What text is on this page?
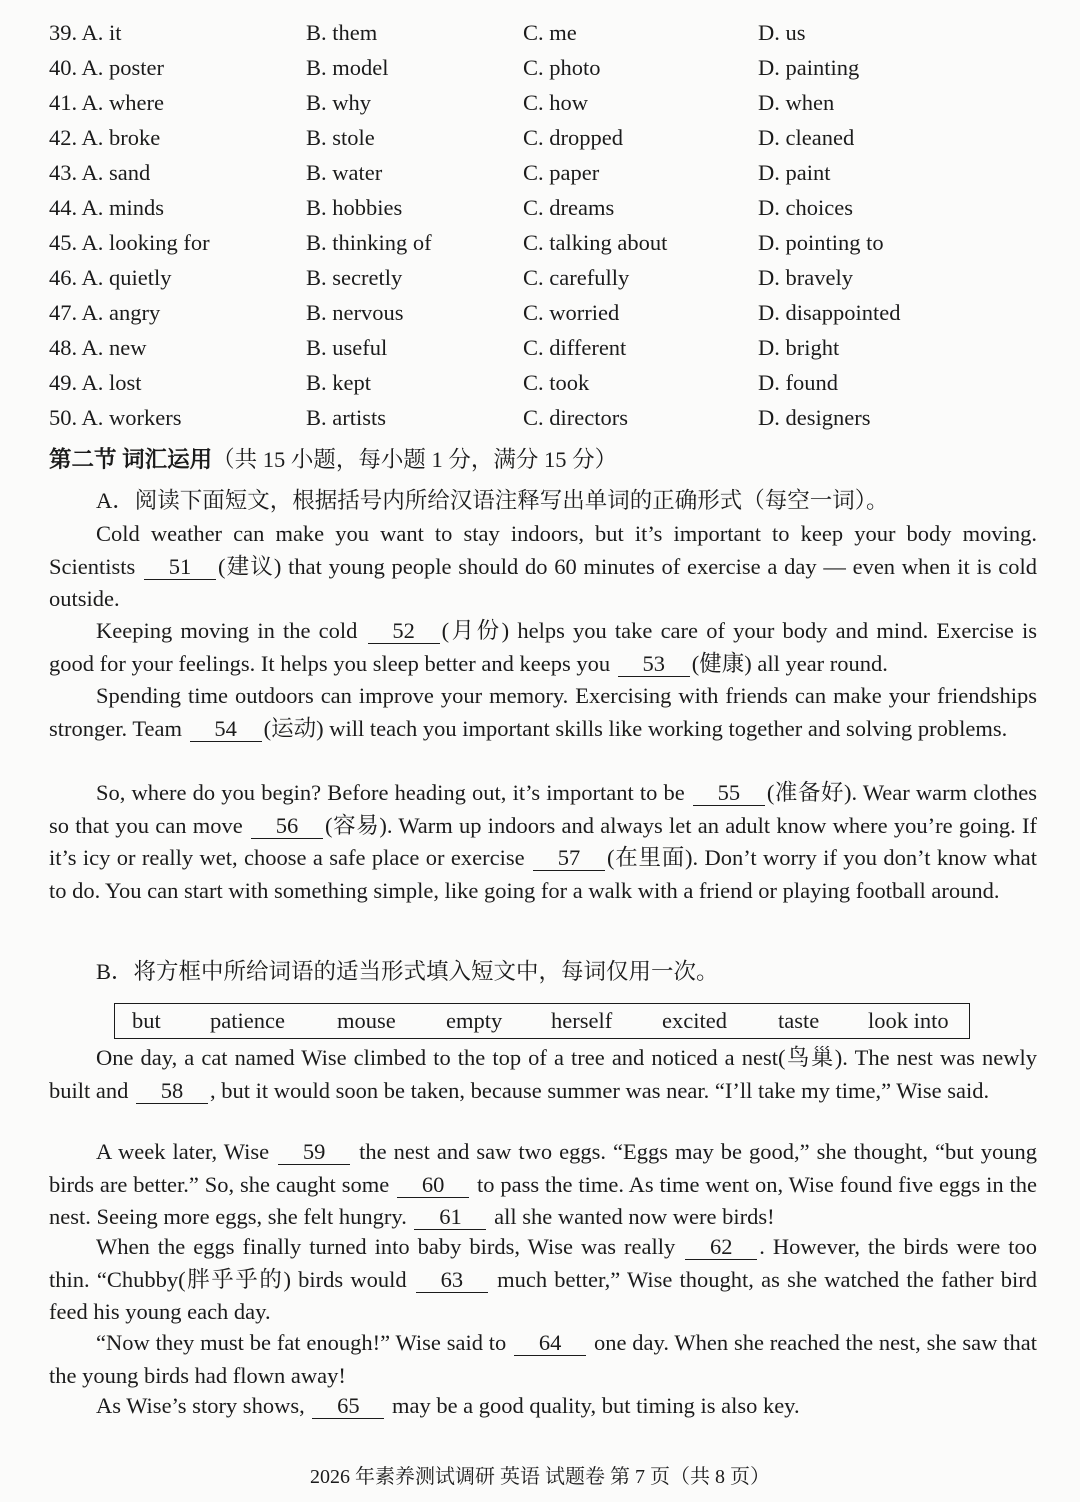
39. A. it	B. them	C. me	D. us
40. A. poster	B. model	C. photo	D. painting
41. A. where	B. why	C. how	D. when
42. A. broke	B. stole	C. dropped	D. cleaned
43. A. sand	B. water	C. paper	D. paint
44. A. minds	B. hobbies	C. dreams	D. choices
45. A. looking for	B. thinking of	C. talking about	D. pointing to
46. A. quietly	B. secretly	C. carefully	D. bravely
47. A. angry	B. nervous	C. worried	D. disappointed
48. A. new	B. useful	C. different	D. bright
49. A. lost	B. kept	C. took	D. found
50. A. workers	B. artists	C. directors	D. designers
第二节 词汇运用（共 15 小题，每小题 1 分，满分 15 分）
A．阅读下面短文，根据括号内所给汉语注释写出单词的正确形式（每空一词）。
Cold weather can make you want to stay indoors, but it’s important to keep your body moving. Scientists 51 (建议) that young people should do 60 minutes of exercise a day — even when it is cold outside.
Keeping moving in the cold 52 (月份) helps you take care of your body and mind. Exercise is good for your feelings. It helps you sleep better and keeps you 53 (健康) all year round.
Spending time outdoors can improve your memory. Exercising with friends can make your friendships stronger. Team 54 (运动) will teach you important skills like working together and solving problems.
So, where do you begin? Before heading out, it’s important to be 55 (准备好). Wear warm clothes so that you can move 56 (容易). Warm up indoors and always let an adult know where you’re going. If it’s icy or really wet, choose a safe place or exercise 57 (在里面). Don’t worry if you don’t know what to do. You can start with something simple, like going for a walk with a friend or playing football around.
B．将方框中所给词语的适当形式填入短文中，每词仅用一次。
but patience mouse empty herself excited taste look into
One day, a cat named Wise climbed to the top of a tree and noticed a nest(鸟巢). The nest was newly built and 58 , but it would soon be taken, because summer was near. “I’ll take my time,” Wise said.
A week later, Wise 59 the nest and saw two eggs. “Eggs may be good,” she thought, “but young birds are better.” So, she caught some 60 to pass the time. As time went on, Wise found five eggs in the nest. Seeing more eggs, she felt hungry. 61 all she wanted now were birds!
When the eggs finally turned into baby birds, Wise was really 62 . However, the birds were too thin. “Chubby(胖乎乎的) birds would 63 much better,” Wise thought, as she watched the father bird feed his young each day.
“Now they must be fat enough!” Wise said to 64 one day. When she reached the nest, she saw that the young birds had flown away!
As Wise’s story shows, 65 may be a good quality, but timing is also key.
2026 年素养测试调研 英语 试题卷 第 7 页（共 8 页）
